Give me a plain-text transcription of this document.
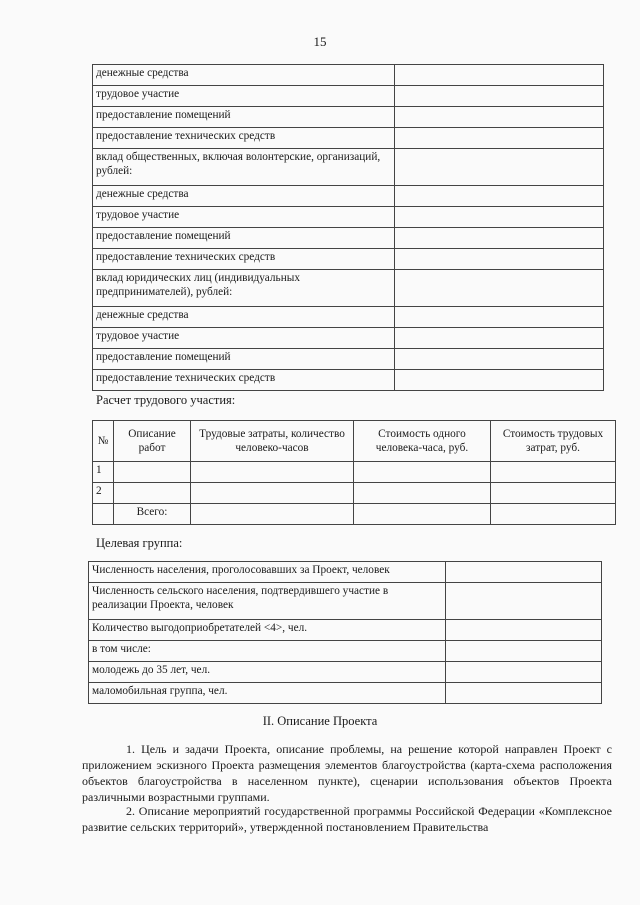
15
денежные средства	
трудовое участие	
предоставление помещений	
предоставление технических средств	
вклад общественных, включая волонтерские, организаций, рублей:	
денежные средства	
трудовое участие	
предоставление помещений	
предоставление технических средств	
вклад юридических лиц (индивидуальных предпринимателей), рублей:	
денежные средства	
трудовое участие	
предоставление помещений	
предоставление технических средств	
Расчет трудового участия:
№	Описание работ	Трудовые затраты, количество человеко-часов	Стоимость одного человека-часа, руб.	Стоимость трудовых затрат, руб.
1				
2				
	Всего:			
Целевая группа:
Численность населения, проголосовавших за Проект, человек	
Численность сельского населения, подтвердившего участие в реализации Проекта, человек	
Количество выгодоприобретателей <4>, чел.	
в том числе:	
молодежь до 35 лет, чел.	
маломобильная группа, чел.	
II. Описание Проекта

1. Цель и задачи Проекта, описание проблемы, на решение которой направлен Проект с приложением эскизного Проекта размещения элементов благоустройства (карта-схема расположения объектов благоустройства в населенном пункте), сценарии использования объектов Проекта различными возрастными группами.

2. Описание мероприятий государственной программы Российской Федерации «Комплексное развитие сельских территорий», утвержденной постановлением Правительства
